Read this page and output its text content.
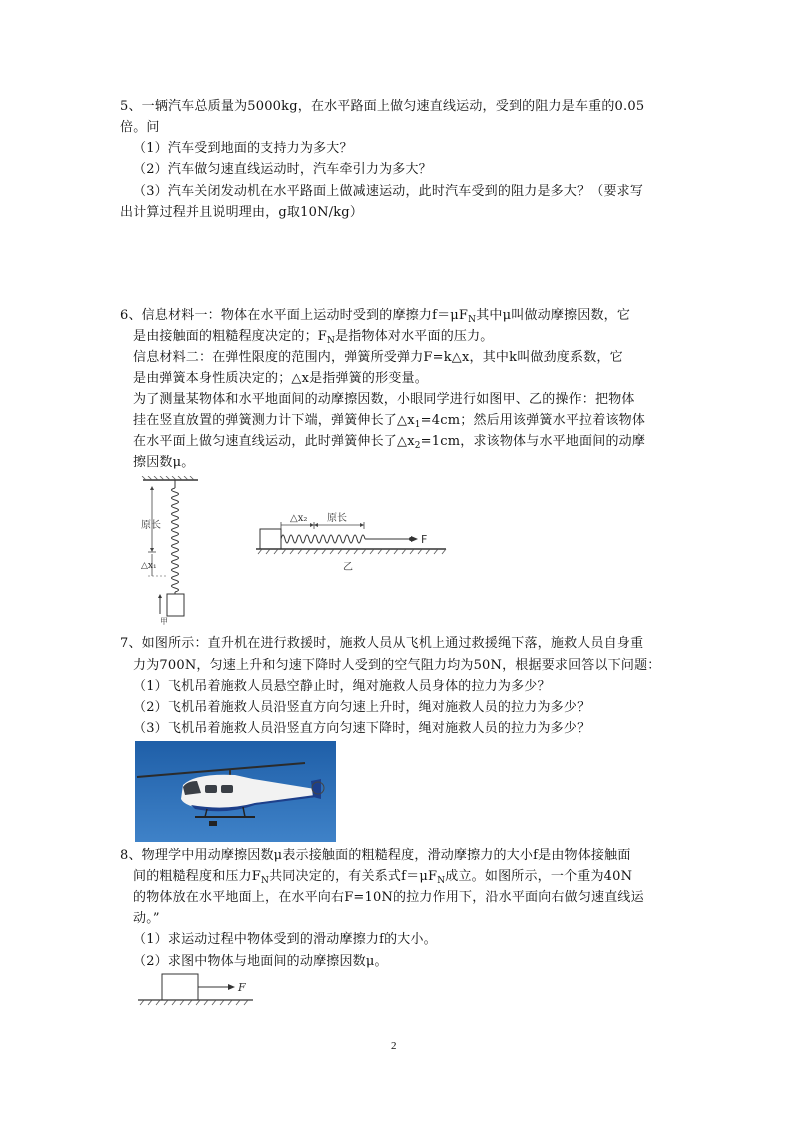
5、一辆汽车总质量为5000kg，在水平路面上做匀速直线运动，受到的阻力是车重的0.05
倍。问
（1）汽车受到地面的支持力为多大？
（2）汽车做匀速直线运动时，汽车牵引力为多大？
（3）汽车关闭发动机在水平路面上做减速运动，此时汽车受到的阻力是多大？（要求写
出计算过程并且说明理由，g取10N/kg）
6、信息材料一：物体在水平面上运动时受到的摩擦力$f=\mu F_N$其中μ叫做动摩擦因数，它
是由接触面的粗糙程度决定的；$F_N$是指物体对水平面的压力。
信息材料二：在弹性限度的范围内，弹簧所受弹力F=k△x，其中k叫做劲度系数，它
是由弹簧本身性质决定的；△x是指弹簧的形变量。
为了测量某物体和水平地面间的动摩擦因数，小眼同学进行如图甲、乙的操作：把物体
挂在竖直放置的弹簧测力计下端，弹簧伸长了$\triangle x_1=4cm$；然后用该弹簧水平拉着该物体
在水平面上做匀速直线运动，此时弹簧伸长了$\triangle x_2=1cm$，求该物体与水平地面间的动摩
擦因数μ。
原长
△x₁
甲
△x₂ 原长
F
乙
7、如图所示：直升机在进行救援时，施救人员从飞机上通过救援绳下落，施救人员自身重
力为700N，匀速上升和匀速下降时人受到的空气阻力均为50N，根据要求回答以下问题：
（1）飞机吊着施救人员悬空静止时，绳对施救人员身体的拉力为多少？
（2）飞机吊着施救人员沿竖直方向匀速上升时，绳对施救人员的拉力为多少？
（3）飞机吊着施救人员沿竖直方向匀速下降时，绳对施救人员的拉力为多少？
8、物理学中用动摩擦因数μ表示接触面的粗糙程度，滑动摩擦力的大小f是由物体接触面
间的粗糙程度和压力$F_N$共同决定的，有关系式$f=\mu F_N$成立。如图所示，一个重为40N
的物体放在水平地面上，在水平向右F=10N的拉力作用下，沿水平面向右做匀速直线运
动。”
（1）求运动过程中物体受到的滑动摩擦力f的大小。
（2）求图中物体与地面间的动摩擦因数μ。
F
2
